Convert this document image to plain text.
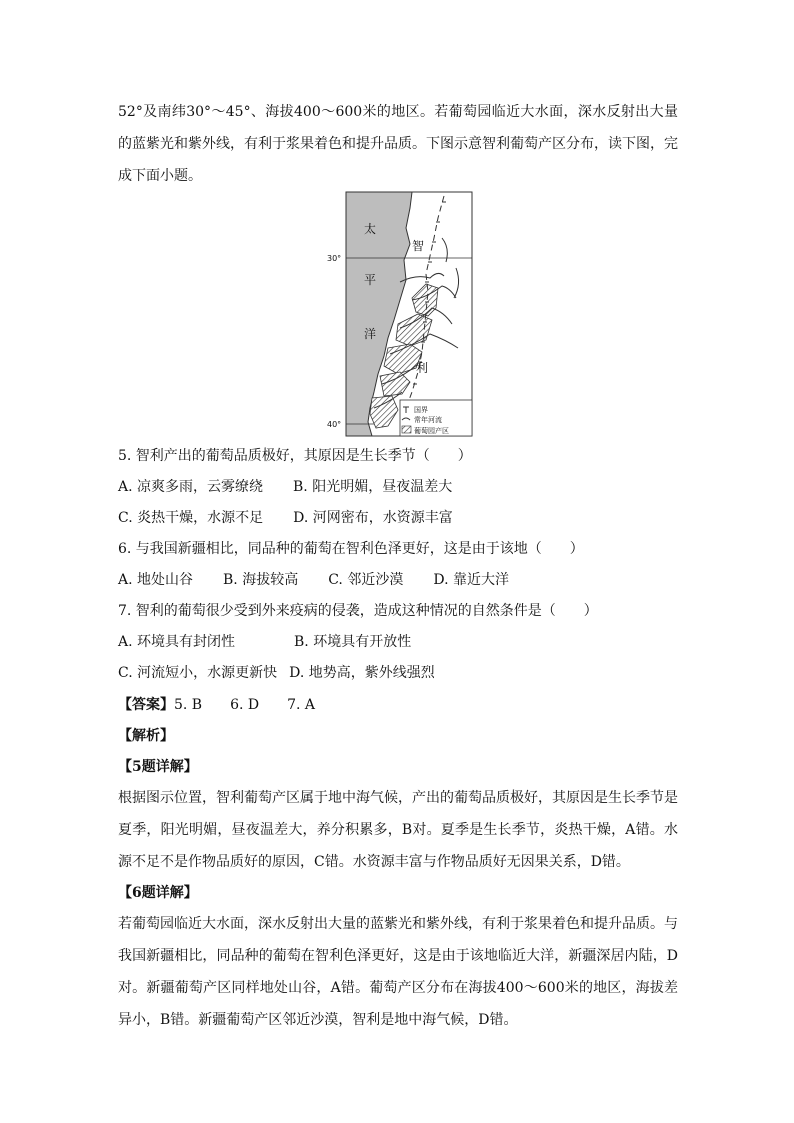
52°及南纬30°～45°、海拔400～600米的地区。若葡萄园临近大水面，深水反射出大量
的蓝紫光和紫外线，有利于浆果着色和提升品质。下图示意智利葡萄产区分布，读下图，完
成下面小题。
国界
常年河流
葡萄园产区
太
平
洋
智
利
30°
40°
5. 智利产出的葡萄品质极好，其原因是生长季节（　　）
A. 凉爽多雨，云雾缭绕 B. 阳光明媚，昼夜温差大
C. 炎热干燥，水源不足 D. 河网密布，水资源丰富
6. 与我国新疆相比，同品种的葡萄在智利色泽更好，这是由于该地（　　）
A. 地处山谷 B. 海拔较高 C. 邻近沙漠 D. 靠近大洋
7. 智利的葡萄很少受到外来疫病的侵袭，造成这种情况的自然条件是（　　）
A. 环境具有封闭性	B. 环境具有开放性
C. 河流短小，水源更新快 D. 地势高，紫外线强烈
【答案】5. B　　6. D　　7. A
【解析】
【5题详解】
根据图示位置，智利葡萄产区属于地中海气候，产出的葡萄品质极好，其原因是生长季节是
夏季，阳光明媚，昼夜温差大，养分积累多，B对。夏季是生长季节，炎热干燥，A错。水
源不足不是作物品质好的原因，C错。水资源丰富与作物品质好无因果关系，D错。
【6题详解】
若葡萄园临近大水面，深水反射出大量的蓝紫光和紫外线，有利于浆果着色和提升品质。与
我国新疆相比，同品种的葡萄在智利色泽更好，这是由于该地临近大洋，新疆深居内陆，D
对。新疆葡萄产区同样地处山谷，A错。葡萄产区分布在海拔400～600米的地区，海拔差
异小，B错。新疆葡萄产区邻近沙漠，智利是地中海气候，D错。
